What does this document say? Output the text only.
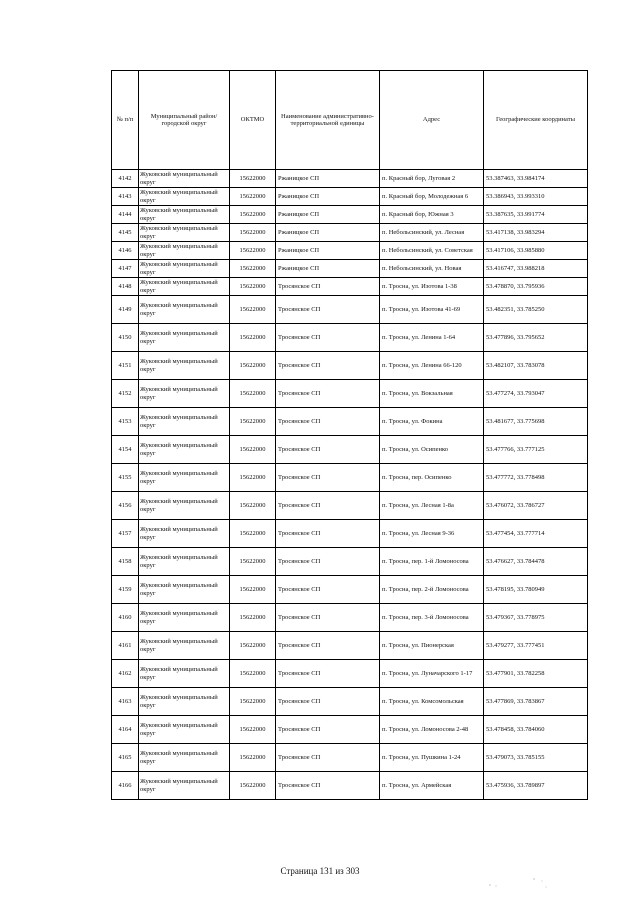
№ п/п	Муниципальный район/городской округ	ОКТМО	Наименование административно-территориальной единицы	Адрес	Географические координаты
4142	Жуковский муниципальный округ	15622000	Ржаницкое СП	п. Красный бор, Луговая 2	53.387463, 33.984174
4143	Жуковский муниципальный округ	15622000	Ржаницкое СП	п. Красный бор, Молодежная 6	53.386943, 33.993310
4144	Жуковский муниципальный округ	15622000	Ржаницкое СП	п. Красный бор, Южная 3	53.387635, 33.991774
4145	Жуковский муниципальный округ	15622000	Ржаницкое СП	п. Небольсинский, ул. Лесная	53.417138, 33.983294
4146	Жуковский муниципальный округ	15622000	Ржаницкое СП	п. Небольсинский, ул. Советская	53.417106, 33.985880
4147	Жуковский муниципальный округ	15622000	Ржаницкое СП	п. Небольсинский, ул. Новая	53.416747, 33.988218
4148	Жуковский муниципальный округ	15622000	Тросянское СП	п. Троснa, ул. Изотова 1-38	53.478870, 33.795936
4149	Жуковский муниципальный округ	15622000	Тросянское СП	п. Тросна, ул. Изотова 41-69	53.482351, 33.785250
4150	Жуковский муниципальный округ	15622000	Тросянское СП	п. Тросна, ул. Ленина 1-64	53.477896, 33.795652
4151	Жуковский муниципальный округ	15622000	Тросянское СП	п. Тросна, ул. Ленина 66-120	53.482107, 33.783078
4152	Жуковский муниципальный округ	15622000	Тросянское СП	п. Тросна, ул. Вокзальная	53.477274, 33.793047
4153	Жуковский муниципальный округ	15622000	Тросянское СП	п. Тросна, ул. Фокина	53.481677, 33.775698
4154	Жуковский муниципальный округ	15622000	Тросянское СП	п. Тросна, ул. Осипенко	53.477766, 33.777125
4155	Жуковский муниципальный округ	15622000	Тросянское СП	п. Тросна, пер. Осипенко	53.477772, 33.778498
4156	Жуковский муниципальный округ	15622000	Тросянское СП	п. Тросна, ул. Лесная 1-8а	53.476072, 33.786727
4157	Жуковский муниципальный округ	15622000	Тросянское СП	п. Тросна, ул. Лесная 9-36	53.477454, 33.777714
4158	Жуковский муниципальный округ	15622000	Тросянское СП	п. Тросна, пер. 1-й Ломоносова	53.476627, 33.784478
4159	Жуковский муниципальный округ	15622000	Тросянское СП	п. Тросна, пер. 2-й Ломоносова	53.478195, 33.780949
4160	Жуковский муниципальный округ	15622000	Тросянское СП	п. Тросна, пер. 3-й Ломоносова	53.479367, 33.778975
4161	Жуковский муниципальный округ	15622000	Тросянское СП	п. Тросна, ул. Пионерская	53.479277, 33.777451
4162	Жуковский муниципальный округ	15622000	Тросянское СП	п. Тросна, ул. Луначарского 1-17	53.477901, 33.782258
4163	Жуковский муниципальный округ	15622000	Тросянское СП	п. Тросна, ул. Комсомольская	53.477869, 33.783867
4164	Жуковский муниципальный округ	15622000	Тросянское СП	п. Тросна, ул. Ломоносова 2-48	53.478458, 33.784060
4165	Жуковский муниципальный округ	15622000	Тросянское СП	п. Тросна, ул. Пушкина 1-24	53.479073, 33.785155
4166	Жуковский муниципальный округ	15622000	Тросянское СП	п. Тросна, ул. Армейская	53.475936, 33.789897
Страница 131 из 303
